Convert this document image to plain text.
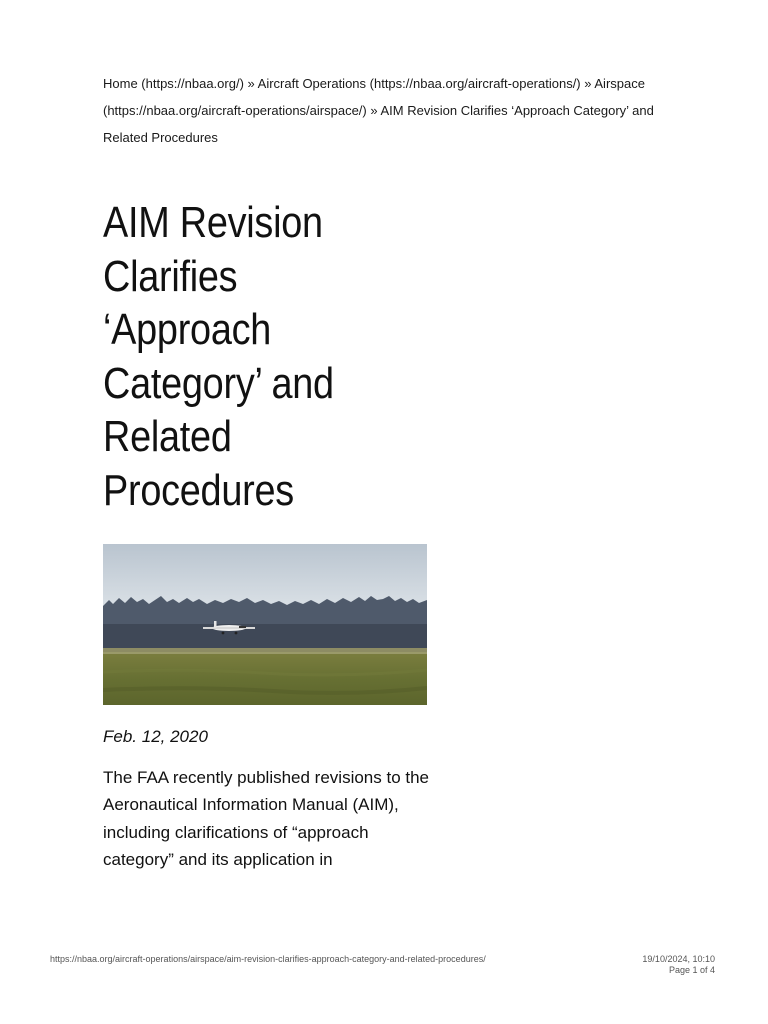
Home (https://nbaa.org/) » Aircraft Operations (https://nbaa.org/aircraft-operations/) » Airspace (https://nbaa.org/aircraft-operations/airspace/) » AIM Revision Clarifies ‘Approach Category’ and Related Procedures
AIM Revision Clarifies ‘Approach Category’ and Related Procedures
Feb. 12, 2020

The FAA recently published revisions to the Aeronautical Information Manual (AIM), including clarifications of “approach category” and its application in

https://nbaa.org/aircraft-operations/airspace/aim-revision-clarifies-approach-category-and-related-procedures/	19/10/2024, 10:10
Page 1 of 4
